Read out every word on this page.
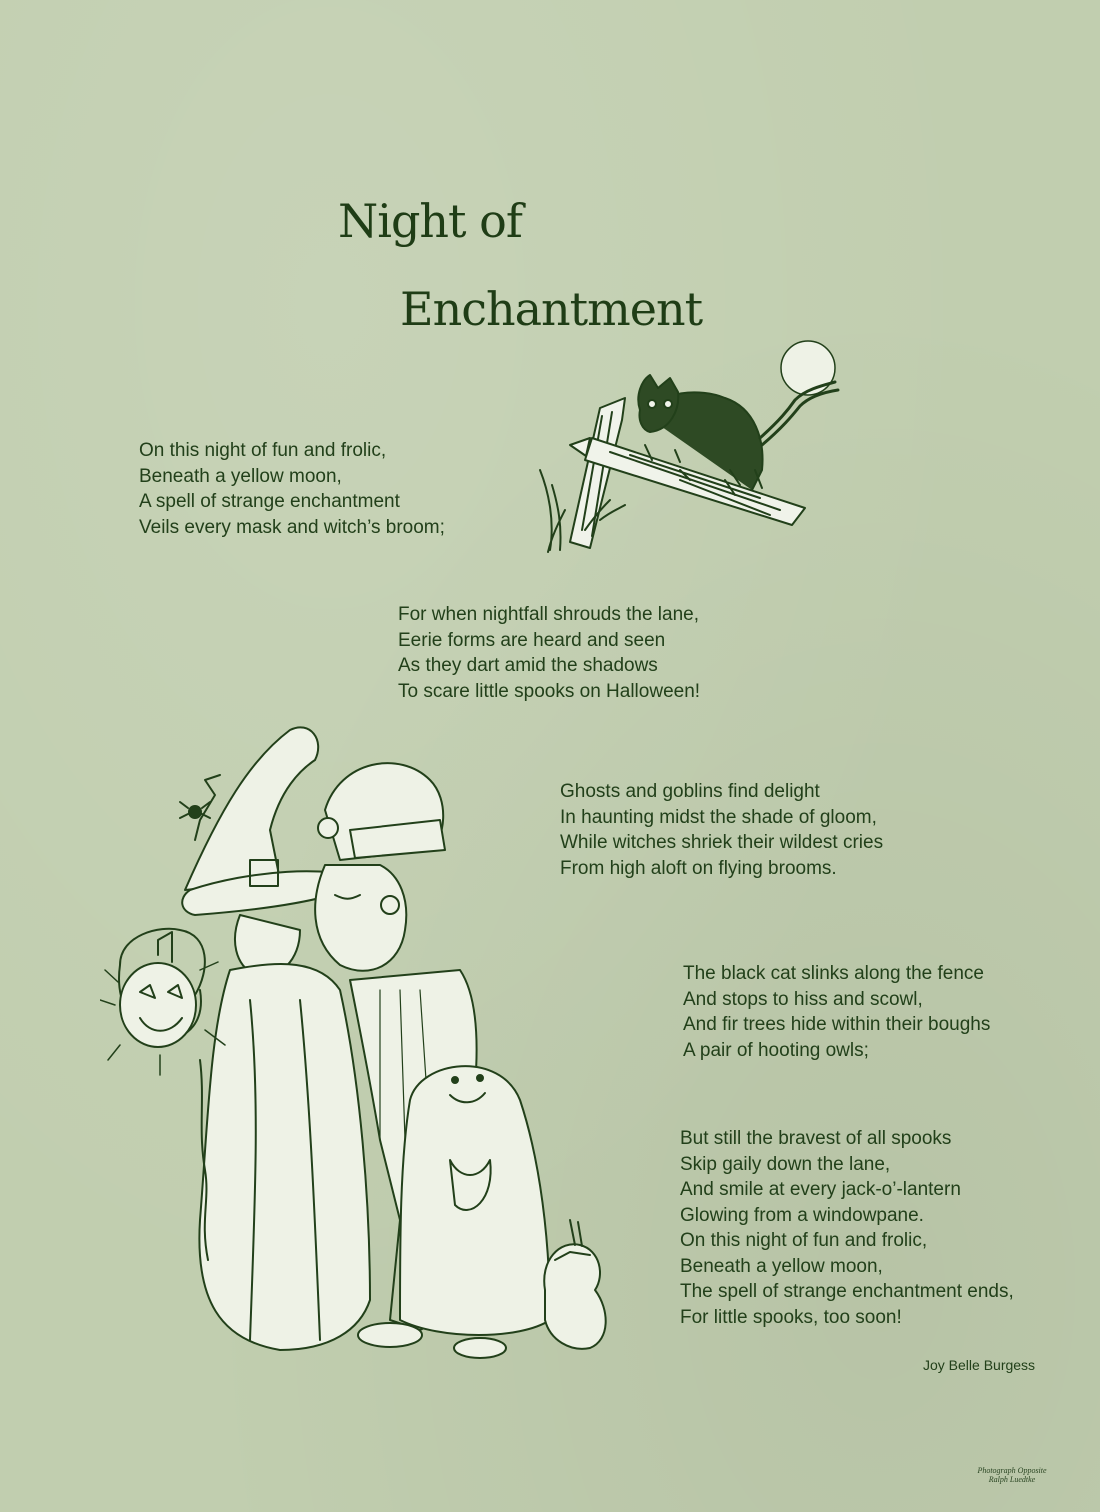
Night of
Enchantment
On this night of fun and frolic,
Beneath a yellow moon,
A spell of strange enchantment
Veils every mask and witch’s broom;
For when nightfall shrouds the lane,
Eerie forms are heard and seen
As they dart amid the shadows
To scare little spooks on Halloween!
Ghosts and goblins find delight
In haunting midst the shade of gloom,
While witches shriek their wildest cries
From high aloft on flying brooms.
The black cat slinks along the fence
And stops to hiss and scowl,
And fir trees hide within their boughs
A pair of hooting owls;
But still the bravest of all spooks
Skip gaily down the lane,
And smile at every jack-o’-lantern
Glowing from a windowpane.
On this night of fun and frolic,
Beneath a yellow moon,
The spell of strange enchantment ends,
For little spooks, too soon!
Joy Belle Burgess
Photograph Opposite
Ralph Luedtke
